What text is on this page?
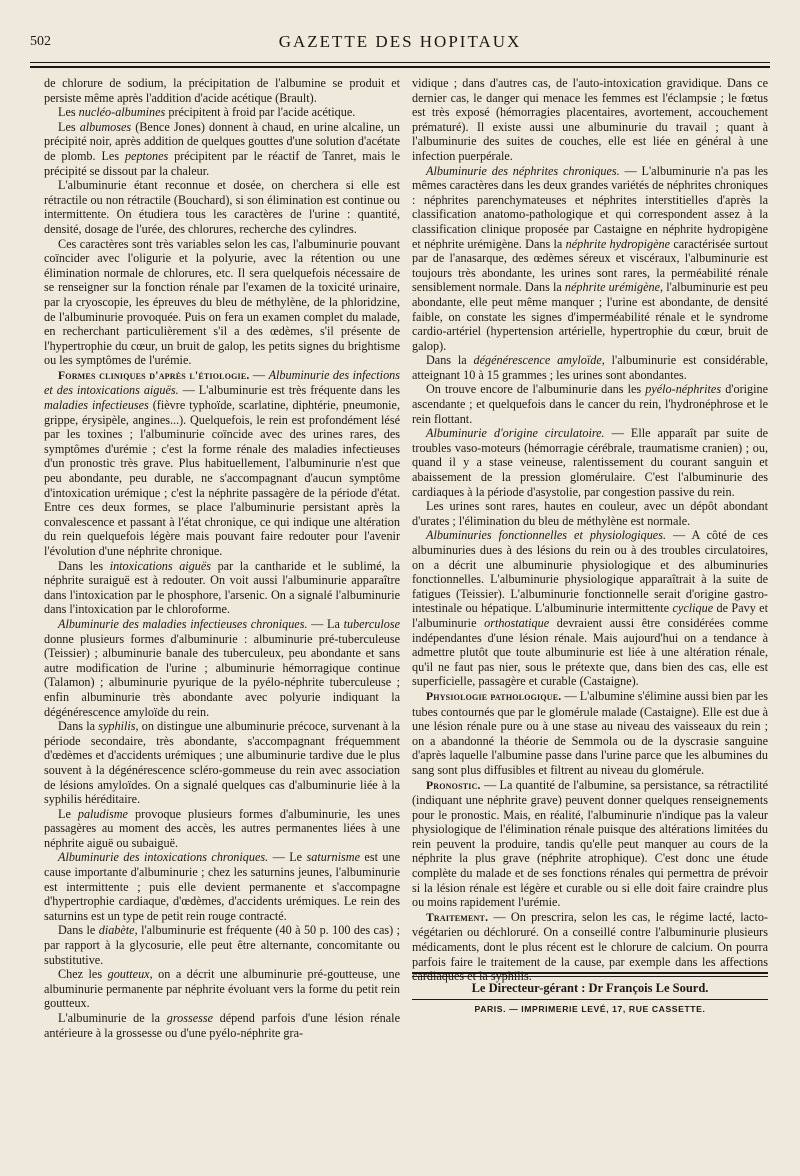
502	GAZETTE DES HOPITAUX

de chlorure de sodium, la précipitation de l'albumine se produit et persiste même après l'addition d'acide acétique (Brault).

Les nucléo-albumines précipitent à froid par l'acide acétique.

Les albumoses (Bence Jones) donnent à chaud, en urine alcaline, un précipité noir, après addition de quelques gouttes d'une solution d'acétate de plomb. Les peptones précipitent par le réactif de Tanret, mais le précipité se dissout par la chaleur.

L'albuminurie étant reconnue et dosée, on cherchera si elle est rétractile ou non rétractile (Bouchard), si son élimination est continue ou intermittente. On étudiera tous les caractères de l'urine : quantité, densité, dosage de l'urée, des chlorures, recherche des cylindres.

Ces caractères sont très variables selon les cas, l'albuminurie pouvant coïncider avec l'oligurie et la polyurie, avec la rétention ou une élimination normale de chlorures, etc. Il sera quelquefois nécessaire de se renseigner sur la fonction rénale par l'examen de la toxicité urinaire, par la cryoscopie, les épreuves du bleu de méthylène, de la phloridzine, de l'albuminurie provoquée. Puis on fera un examen complet du malade, en recherchant particulièrement s'il a des œdèmes, s'il présente de l'hypertrophie du cœur, un bruit de galop, les petits signes du brightisme ou les symptômes de l'urémie.

Formes cliniques d'après l'étiologie. — Albuminurie des infections et des intoxications aiguës. — L'albuminurie est très fréquente dans les maladies infectieuses (fièvre typhoïde, scarlatine, diphtérie, pneumonie, grippe, érysipèle, angines...). Quelquefois, le rein est profondément lésé par les toxines ; l'albuminurie coïncide avec des urines rares, des symptômes d'urémie ; c'est la forme rénale des maladies infectieuses d'un pronostic très grave. Plus habituellement, l'albuminurie n'est que peu abondante, peu durable, ne s'accompagnant d'aucun symptôme d'intoxication urémique ; c'est la néphrite passagère de la période d'état. Entre ces deux formes, se place l'albuminurie persistant après la convalescence et passant à l'état chronique, ce qui indique une altération du rein quelquefois légère mais pouvant faire redouter pour l'avenir l'évolution d'une néphrite chronique.

Dans les intoxications aiguës par la cantharide et le sublimé, la néphrite suraiguë est à redouter. On voit aussi l'albuminurie apparaître dans l'intoxication par le phosphore, l'arsenic. On a signalé l'albuminurie dans l'intoxication par le chloroforme.

Albuminurie des maladies infectieuses chroniques. — La tuberculose donne plusieurs formes d'albuminurie : albuminurie pré-tuberculeuse (Teissier) ; albuminurie banale des tuberculeux, peu abondante et sans autre modification de l'urine ; albuminurie hémorragique continue (Talamon) ; albuminurie pyurique de la pyélo-néphrite tuberculeuse ; enfin albuminurie très abondante avec polyurie indiquant la dégénérescence amyloïde du rein.

Dans la syphilis, on distingue une albuminurie précoce, survenant à la période secondaire, très abondante, s'accompagnant fréquemment d'œdèmes et d'accidents urémiques ; une albuminurie tardive due le plus souvent à la dégénérescence scléro-gommeuse du rein avec association de lésions amyloïdes. On a signalé quelques cas d'albuminurie liée à la syphilis héréditaire.

Le paludisme provoque plusieurs formes d'albuminurie, les unes passagères au moment des accès, les autres permanentes liées à une néphrite aiguë ou subaiguë.

Albuminurie des intoxications chroniques. — Le saturnisme est une cause importante d'albuminurie ; chez les saturnins jeunes, l'albuminurie est intermittente ; puis elle devient permanente et s'accompagne d'hypertrophie cardiaque, d'œdèmes, d'accidents urémiques. Le rein des saturnins est un type de petit rein rouge contracté.

Dans le diabète, l'albuminurie est fréquente (40 à 50 p. 100 des cas) ; par rapport à la glycosurie, elle peut être alternante, concomitante ou substitutive.

Chez les goutteux, on a décrit une albuminurie pré-goutteuse, une albuminurie permanente par néphrite évoluant vers la forme du petit rein goutteux.

L'albuminurie de la grossesse dépend parfois d'une lésion rénale antérieure à la grossesse ou d'une pyélo-néphrite gra-

vidique ; dans d'autres cas, de l'auto-intoxication gravidique. Dans ce dernier cas, le danger qui menace les femmes est l'éclampsie ; le fœtus est très exposé (hémorragies placentaires, avortement, accouchement prématuré). Il existe aussi une albuminurie du travail ; quant à l'albuminurie des suites de couches, elle est liée en général à une infection puerpérale.

Albuminurie des néphrites chroniques. — L'albuminurie n'a pas les mêmes caractères dans les deux grandes variétés de néphrites chroniques : néphrites parenchymateuses et néphrites interstitielles d'après la classification anatomo-pathologique et qui correspondent assez à la classification clinique proposée par Castaigne en néphrite hydropigène et néphrite urémigène. Dans la néphrite hydropigène caractérisée surtout par de l'anasarque, des œdèmes séreux et viscéraux, l'albuminurie est toujours très abondante, les urines sont rares, la perméabilité rénale sensiblement normale. Dans la néphrite urémigène, l'albuminurie est peu abondante, elle peut même manquer ; l'urine est abondante, de densité faible, on constate les signes d'imperméabilité rénale et le syndrome cardio-artériel (hypertension artérielle, hypertrophie du cœur, bruit de galop).

Dans la dégénérescence amyloïde, l'albuminurie est considérable, atteignant 10 à 15 grammes ; les urines sont abondantes.

On trouve encore de l'albuminurie dans les pyélo-néphrites d'origine ascendante ; et quelquefois dans le cancer du rein, l'hydronéphrose et le rein flottant.

Albuminurie d'origine circulatoire. — Elle apparaît par suite de troubles vaso-moteurs (hémorragie cérébrale, traumatisme cranien) ; ou, quand il y a stase veineuse, ralentissement du courant sanguin et abaissement de la pression glomérulaire. C'est l'albuminurie des cardiaques à la période d'asystolie, par congestion passive du rein.

Les urines sont rares, hautes en couleur, avec un dépôt abondant d'urates ; l'élimination du bleu de méthylène est normale.

Albuminuries fonctionnelles et physiologiques. — A côté de ces albuminuries dues à des lésions du rein ou à des troubles circulatoires, on a décrit une albuminurie physiologique et des albuminuries fonctionnelles. L'albuminurie physiologique apparaîtrait à la suite de fatigues (Teissier). L'albuminurie fonctionnelle serait d'origine gastro-intestinale ou hépatique. L'albuminurie intermittente cyclique de Pavy et l'albuminurie orthostatique devraient aussi être considérées comme indépendantes d'une lésion rénale. Mais aujourd'hui on a tendance à admettre plutôt que toute albuminurie est liée à une altération rénale, qu'il ne faut pas nier, sous le prétexte que, dans bien des cas, elle est superficielle, passagère et curable (Castaigne).

Physiologie pathologique. — L'albumine s'élimine aussi bien par les tubes contournés que par le glomérule malade (Castaigne). Elle est due à une lésion rénale pure ou à une stase au niveau des vaisseaux du rein ; on a abandonné la théorie de Semmola ou de la dyscrasie sanguine d'après laquelle l'albumine passe dans l'urine parce que les albumines du sang sont plus diffusibles et filtrent au niveau du glomérule.

Pronostic. — La quantité de l'albumine, sa persistance, sa rétractilité (indiquant une néphrite grave) peuvent donner quelques renseignements pour le pronostic. Mais, en réalité, l'albuminurie n'indique pas la valeur physiologique de l'élimination rénale puisque des altérations limitées du rein peuvent la produire, tandis qu'elle peut manquer au cours de la néphrite la plus grave (néphrite atrophique). C'est donc une étude complète du malade et de ses fonctions rénales qui permettra de prévoir si la lésion rénale est légère et curable ou si elle doit faire craindre plus ou moins rapidement l'urémie.

Traitement. — On prescrira, selon les cas, le régime lacté, lacto-végétarien ou déchloruré. On a conseillé contre l'albuminurie plusieurs médicaments, dont le plus récent est le chlorure de calcium. On pourra parfois faire le traitement de la cause, par exemple dans les affections cardiaques et la syphilis.

Le Directeur-gérant : Dr François Le Sourd.
PARIS. — IMPRIMERIE LEVÉ, 17, RUE CASSETTE.
